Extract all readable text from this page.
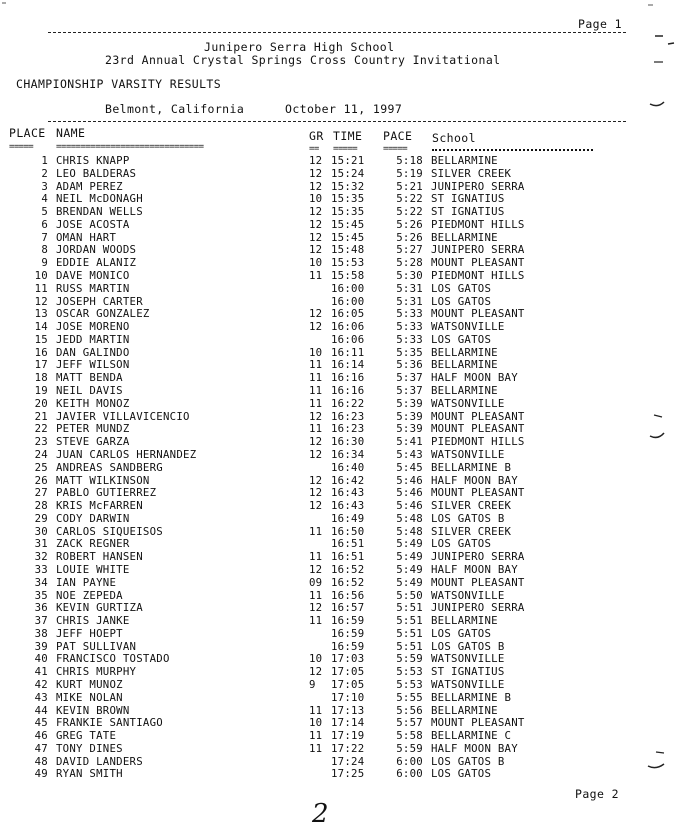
Page 1
Junipero Serra High School
23rd Annual Crystal Springs Cross Country Invitational
CHAMPIONSHIP VARSITY RESULTS
Belmont, California	October 11, 1997
PLACE NAME	GR TIME PACE School
=====	==============================	== =====	=====
1 CHRIS KNAPP	12 15:21	5:18 BELLARMINE
2 LEO BALDERAS	12 15:24	5:19 SILVER CREEK
3 ADAM PEREZ	12 15:32	5:21 JUNIPERO SERRA
4 NEIL McDONAGH	10 15:35	5:22 ST IGNATIUS
5 BRENDAN WELLS	12 15:35	5:22 ST IGNATIUS
6 JOSE ACOSTA	12 15:45	5:26 PIEDMONT HILLS
7 OMAN HART	12 15:45	5:26 BELLARMINE
8 JORDAN WOODS	12 15:48	5:27 JUNIPERO SERRA
9 EDDIE ALANIZ	10 15:53	5:28 MOUNT PLEASANT
10 DAVE MONICO	11 15:58	5:30 PIEDMONT HILLS
11 RUSS MARTIN	16:00	5:31 LOS GATOS
12 JOSEPH CARTER	16:00	5:31 LOS GATOS
13 OSCAR GONZALEZ	12 16:05	5:33 MOUNT PLEASANT
14 JOSE MORENO	12 16:06	5:33 WATSONVILLE
15 JEDD MARTIN	16:06	5:33 LOS GATOS
16 DAN GALINDO	10 16:11	5:35 BELLARMINE
17 JEFF WILSON	11 16:14	5:36 BELLARMINE
18 MATT BENDA	11 16:16	5:37 HALF MOON BAY
19 NEIL DAVIS	11 16:16	5:37 BELLARMINE
20 KEITH MONOZ	11 16:22	5:39 WATSONVILLE
21 JAVIER VILLAVICENCIO	12 16:23	5:39 MOUNT PLEASANT
22 PETER MUNDZ	11 16:23	5:39 MOUNT PLEASANT
23 STEVE GARZA	12 16:30	5:41 PIEDMONT HILLS
24 JUAN CARLOS HERNANDEZ	12 16:34	5:43 WATSONVILLE
25 ANDREAS SANDBERG	16:40	5:45 BELLARMINE B
26 MATT WILKINSON	12 16:42	5:46 HALF MOON BAY
27 PABLO GUTIERREZ	12 16:43	5:46 MOUNT PLEASANT
28 KRIS McFARREN	12 16:43	5:46 SILVER CREEK
29 CODY DARWIN	16:49	5:48 LOS GATOS B
30 CARLOS SIQUEISOS	11 16:50	5:48 SILVER CREEK
31 ZACK REGNER	16:51	5:49 LOS GATOS
32 ROBERT HANSEN	11 16:51	5:49 JUNIPERO SERRA
33 LOUIE WHITE	12 16:52	5:49 HALF MOON BAY
34 IAN PAYNE	09 16:52	5:49 MOUNT PLEASANT
35 NOE ZEPEDA	11 16:56	5:50 WATSONVILLE
36 KEVIN GURTIZA	12 16:57	5:51 JUNIPERO SERRA
37 CHRIS JANKE	11 16:59	5:51 BELLARMINE
38 JEFF HOEPT	16:59	5:51 LOS GATOS
39 PAT SULLIVAN	16:59	5:51 LOS GATOS B
40 FRANCISCO TOSTADO	10 17:03	5:59 WATSONVILLE
41 CHRIS MURPHY	12 17:05	5:53 ST IGNATIUS
42 KURT MUNOZ	9 17:05	5:53 WATSONVILLE
43 MIKE NOLAN	17:10	5:55 BELLARMINE B
44 KEVIN BROWN	11 17:13	5:56 BELLARMINE
45 FRANKIE SANTIAGO	10 17:14	5:57 MOUNT PLEASANT
46 GREG TATE	11 17:19	5:58 BELLARMINE C
47 TONY DINES	11 17:22	5:59 HALF MOON BAY
48 DAVID LANDERS	17:24	6:00 LOS GATOS B
49 RYAN SMITH	17:25	6:00 LOS GATOS
Page 2
2
